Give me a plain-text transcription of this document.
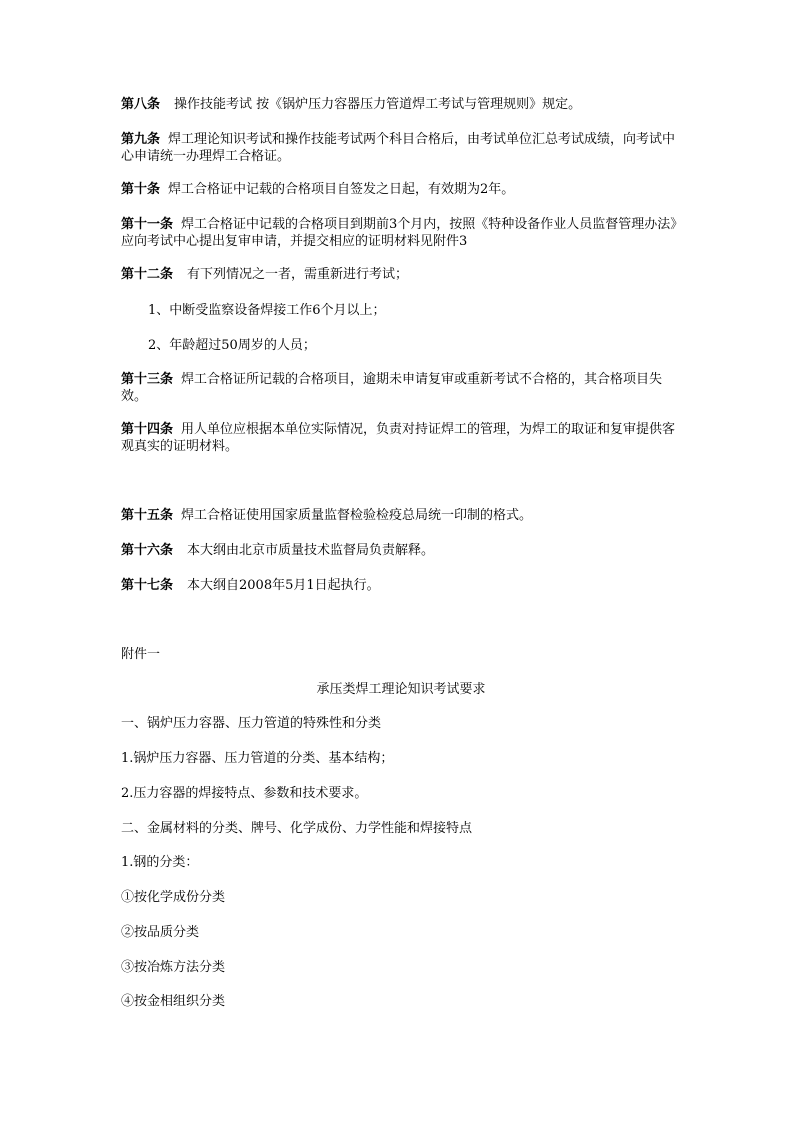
第八条 操作技能考试 按《锅炉压力容器压力管道焊工考试与管理规则》规定。

第九条 焊工理论知识考试和操作技能考试两个科目合格后，由考试单位汇总考试成绩，向考试中心申请统一办理焊工合格证。

第十条 焊工合格证中记载的合格项目自签发之日起，有效期为2年。

第十一条 焊工合格证中记载的合格项目到期前3个月内，按照《特种设备作业人员监督管理办法》应向考试中心提出复审申请，并提交相应的证明材料见附件3

第十二条 有下列情况之一者，需重新进行考试；

1、中断受监察设备焊接工作6个月以上；

2、年龄超过50周岁的人员；

第十三条 焊工合格证所记载的合格项目，逾期未申请复审或重新考试不合格的，其合格项目失效。

第十四条 用人单位应根据本单位实际情况，负责对持证焊工的管理，为焊工的取证和复审提供客观真实的证明材料。

第十五条 焊工合格证使用国家质量监督检验检疫总局统一印制的格式。

第十六条 本大纲由北京市质量技术监督局负责解释。

第十七条 本大纲自2008年5月1日起执行。

附件一

承压类焊工理论知识考试要求

一、锅炉压力容器、压力管道的特殊性和分类

1.锅炉压力容器、压力管道的分类、基本结构；

2.压力容器的焊接特点、参数和技术要求。

二、金属材料的分类、牌号、化学成份、力学性能和焊接特点

1.钢的分类：

①按化学成份分类

②按品质分类

③按冶炼方法分类

④按金相组织分类
